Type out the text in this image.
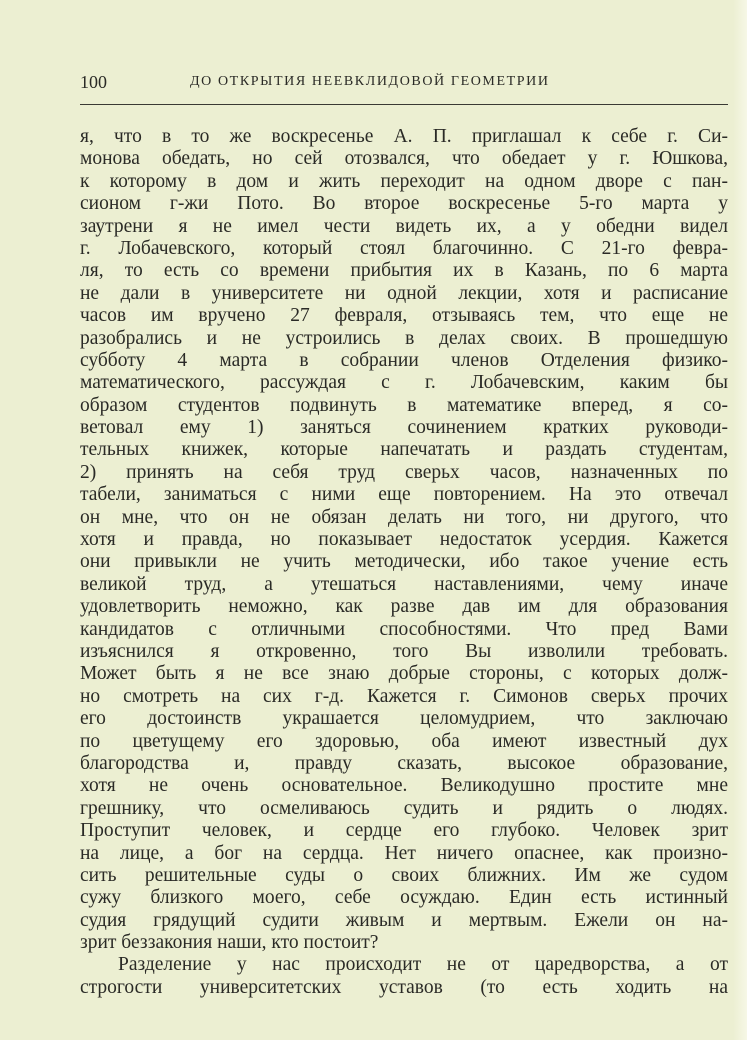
100	ДО ОТКРЫТИЯ НЕЕВКЛИДОВОЙ ГЕОМЕТРИИ
я, что в то же воскресенье А. П. приглашал к себе г. Си-
монова обедать, но сей отозвался, что обедает у г. Юшкова,
к которому в дом и жить переходит на одном дворе с пан-
сионом г-жи Пото. Во второе воскресенье 5-го марта у
заутрени я не имел чести видеть их, а у обедни видел
г. Лобачевского, который стоял благочинно. С 21-го февра-
ля, то есть со времени прибытия их в Казань, по 6 марта
не дали в университете ни одной лекции, хотя и расписание
часов им вручено 27 февраля, отзываясь тем, что еще не
разобрались и не устроились в делах своих. В прошедшую
субботу 4 марта в собрании членов Отделения физико-
математического, рассуждая с г. Лобачевским, каким бы
образом студентов подвинуть в математике вперед, я со-
ветовал ему 1) заняться сочинением кратких руководи-
тельных книжек, которые напечатать и раздать студентам,
2) принять на себя труд сверьх часов, назначенных по
табели, заниматься с ними еще повторением. На это отвечал
он мне, что он не обязан делать ни того, ни другого, что
хотя и правда, но показывает недостаток усердия. Кажется
они привыкли не учить методически, ибо такое учение есть
великой труд, а утешаться наставлениями, чему иначе
удовлетворить неможно, как разве дав им для образования
кандидатов с отличными способностями. Что пред Вами
изъяснился я откровенно, того Вы изволили требовать.
Может быть я не все знаю добрые стороны, с которых долж-
но смотреть на сих г-д. Кажется г. Симонов сверьх прочих
его достоинств украшается целомудрием, что заключаю
по цветущему его здоровью, оба имеют известный дух
благородства и, правду сказать, высокое образование,
хотя не очень основательное. Великодушно простите мне
грешнику, что осмеливаюсь судить и рядить о людях.
Проступит человек, и сердце его глубоко. Человек зрит
на лице, а бог на сердца. Нет ничего опаснее, как произно-
сить решительные суды о своих ближних. Им же судом
сужу близкого моего, себе осуждаю. Един есть истинный
судия грядущий судити живым и мертвым. Ежели он на-
зрит беззакония наши, кто постоит?
Разделение у нас происходит не от царедворства, а от
строгости университетских уставов (то есть ходить на
